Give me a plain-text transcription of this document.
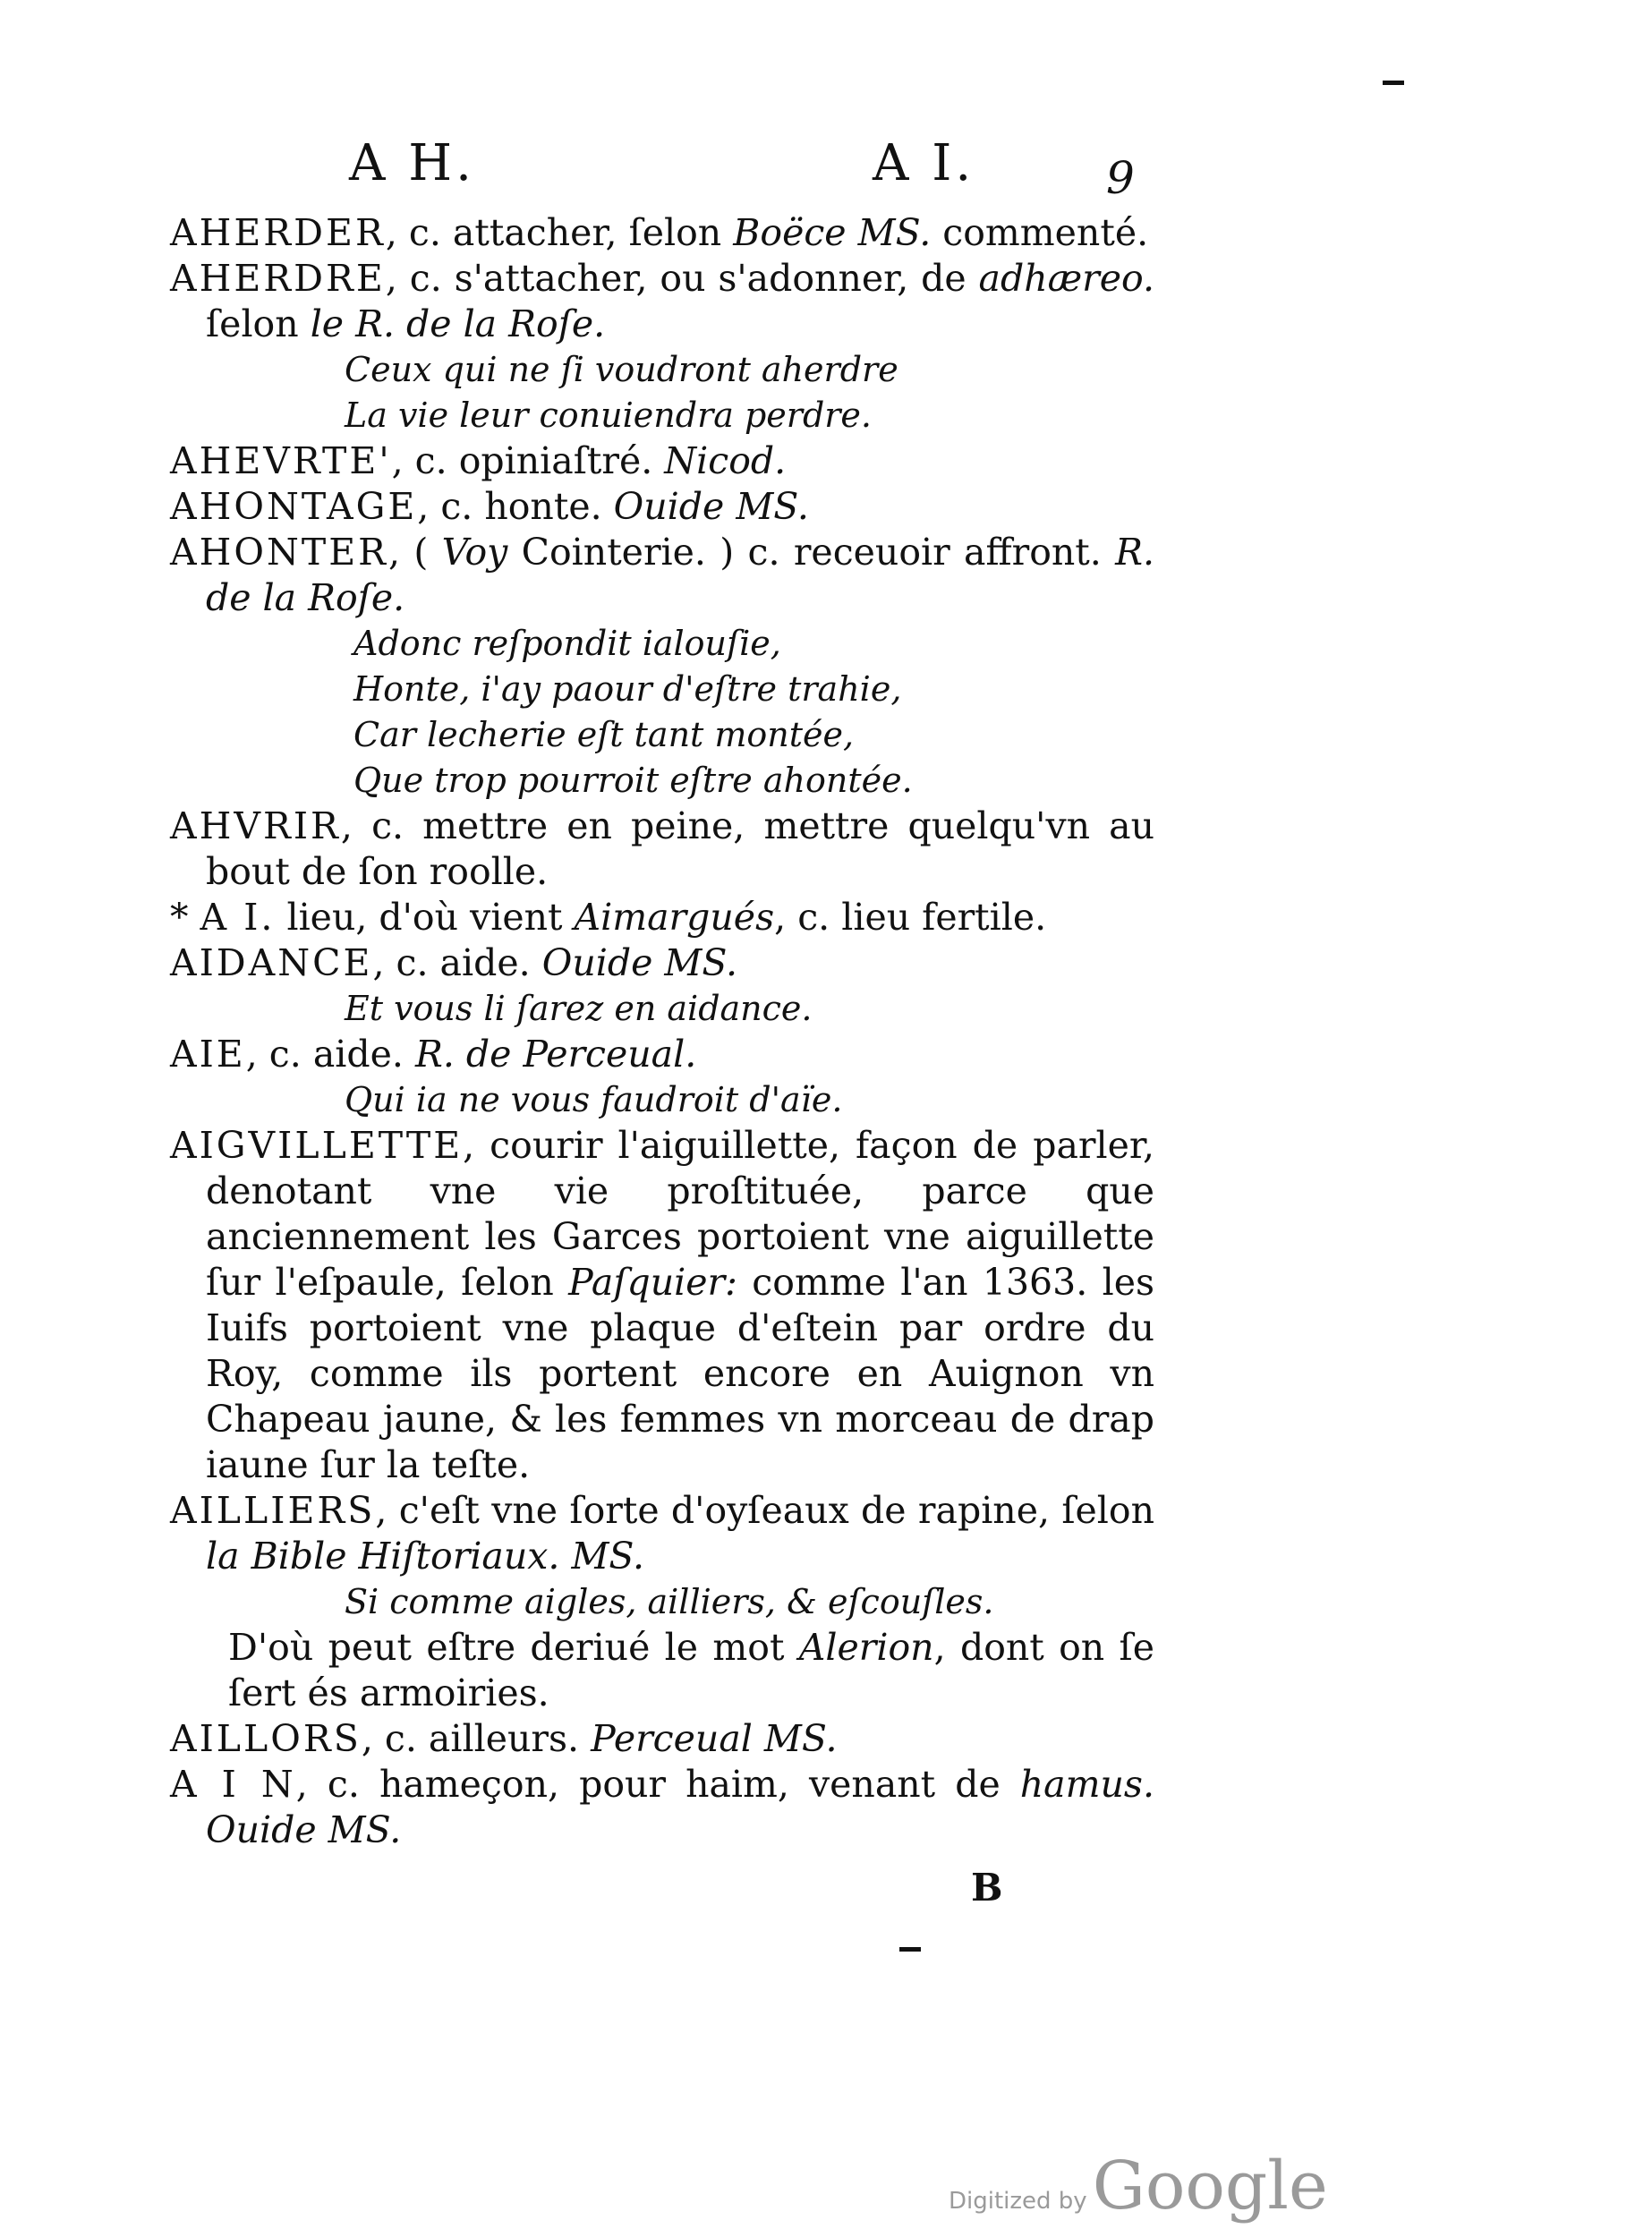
A H.	A I.	9
AHERDER, c. attacher, ſelon Boëce MS. commenté.
AHERDRE, c. s'attacher, ou s'adonner, de adhæreo. ſelon le R. de la Roſe.
Ceux qui ne ſi voudront aherdre
La vie leur conuiendra perdre.
AHEVRTE', c. opiniaſtré. Nicod.
AHONTAGE, c. honte. Ouide MS.
AHONTER, ( Voy Cointerie. ) c. receuoir affront. R. de la Roſe.
Adonc reſpondit ialouſie,
Honte, i'ay paour d'eſtre trahie,
Car lecherie eſt tant montée,
Que trop pourroit eſtre ahontée.
AHVRIR, c. mettre en peine, mettre quelqu'vn au bout de ſon roolle.
* A I. lieu, d'où vient Aimargués, c. lieu fertile.
AIDANCE, c. aide. Ouide MS.
Et vous li ſarez en aidance.
AIE, c. aide. R. de Perceual.
Qui ia ne vous faudroit d'aïe.
AIGVILLETTE, courir l'aiguillette, façon de parler, denotant vne vie proſtituée, parce que anciennement les Garces portoient vne aiguillette ſur l'eſpaule, ſelon Paſquier: comme l'an 1363. les Iuifs portoient vne plaque d'eſtein par ordre du Roy, comme ils portent encore en Auignon vn Chapeau jaune, & les femmes vn morceau de drap iaune ſur la teſte.
AILLIERS, c'eſt vne ſorte d'oyſeaux de rapine, ſelon la Bible Hiſtoriaux. MS.
Si comme aigles, ailliers, & eſcouſles.
D'où peut eſtre deriué le mot Alerion, dont on ſe ſert és armoiries.
AILLORS, c. ailleurs. Perceual MS.
A I N, c. hameçon, pour haim, venant de hamus. Ouide MS.
B
Digitized byGoogle
